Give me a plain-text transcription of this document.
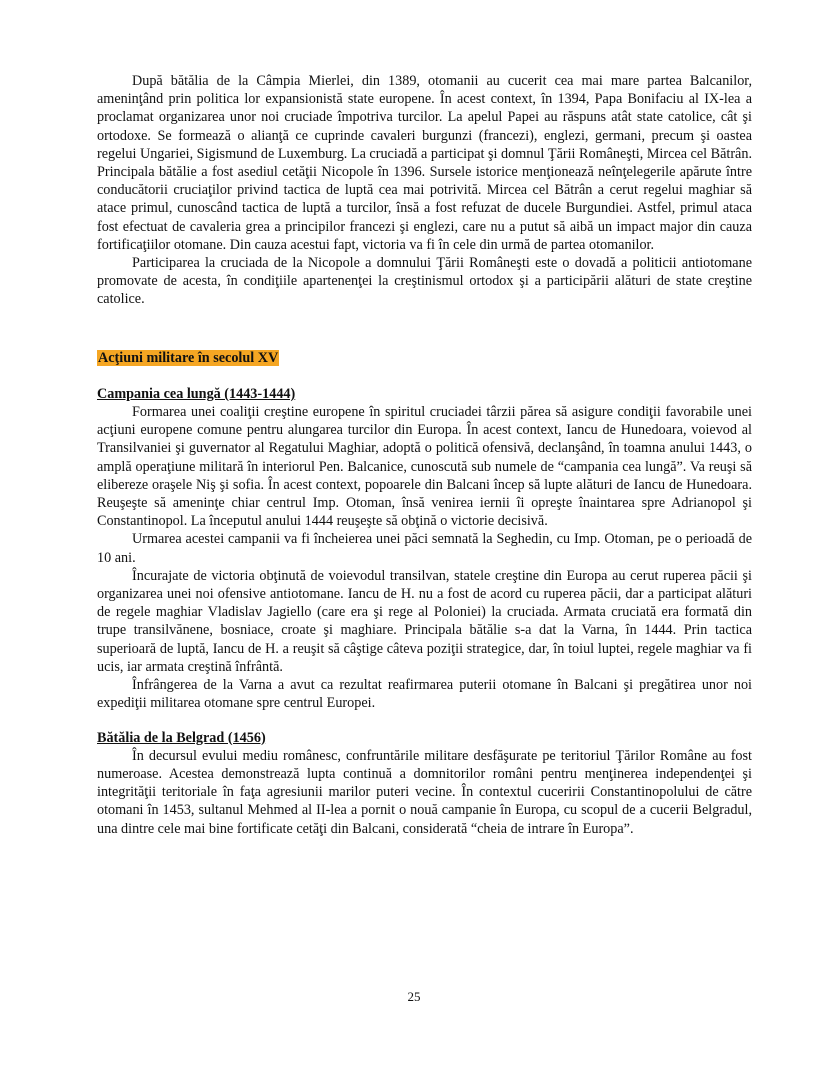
După bătălia de la Câmpia Mierlei, din 1389, otomanii au cucerit cea mai mare partea Balcanilor, ameninţând prin politica lor expansionistă state europene. În acest context, în 1394, Papa Bonifaciu al IX-lea a proclamat organizarea unor noi cruciade împotriva turcilor. La apelul Papei au răspuns atât state catolice, cât şi ortodoxe. Se formează o alianţă ce cuprinde cavaleri burgunzi (francezi), englezi, germani, precum şi oastea regelui Ungariei, Sigismund de Luxemburg. La cruciadă a participat şi domnul Ţării Româneşti, Mircea cel Bătrân. Principala bătălie a fost asediul cetăţii Nicopole în 1396. Sursele istorice menţionează neînţelegerile apărute între conducătorii cruciaţilor privind tactica de luptă cea mai potrivită. Mircea cel Bătrân a cerut regelui maghiar să atace primul, cunoscând tactica de luptă a turcilor, însă a fost refuzat de ducele Burgundiei. Astfel, primul ataca fost efectuat de cavaleria grea a principilor francezi şi englezi, care nu a putut să aibă un impact major din cauza fortificaţiilor otomane. Din cauza acestui fapt, victoria va fi în cele din urmă de partea otomanilor.

Participarea la cruciada de la Nicopole a domnului Ţării Româneşti este o dovadă a politicii antiotomane promovate de acesta, în condiţiile apartenenţei la creştinismul ortodox şi a participării alături de state creştine catolice.

Acţiuni militare în secolul XV
Campania cea lungă (1443-1444)

Formarea unei coaliţii creştine europene în spiritul cruciadei târzii părea să asigure condiţii favorabile unei acţiuni europene comune pentru alungarea turcilor din Europa. În acest context, Iancu de Hunedoara, voievod al Transilvaniei şi guvernator al Regatului Maghiar, adoptă o politică ofensivă, declanşând, în toamna anului 1443, o amplă operaţiune militară în interiorul Pen. Balcanice, cunoscută sub numele de “campania cea lungă”. Va reuşi să elibereze oraşele Niş şi sofia. În acest context, popoarele din Balcani încep să lupte alături de Iancu de Hunedoara. Reuşeşte să ameninţe chiar centrul Imp. Otoman, însă venirea iernii îi opreşte înaintarea spre Adrianopol şi Constantinopol. La începutul anului 1444 reuşeşte să obţină o victorie decisivă.

Urmarea acestei campanii va fi încheierea unei păci semnată la Seghedin, cu Imp. Otoman, pe o perioadă de 10 ani.

Încurajate de victoria obţinută de voievodul transilvan, statele creştine din Europa au cerut ruperea păcii şi organizarea unei noi ofensive antiotomane. Iancu de H. nu a fost de acord cu ruperea păcii, dar a participat alături de regele maghiar Vladislav Jagiello (care era şi rege al Poloniei) la cruciada. Armata cruciată era formată din trupe transilvănene, bosniace, croate şi maghiare. Principala bătălie s-a dat la Varna, în 1444. Prin tactica superioară de luptă, Iancu de H. a reuşit să câştige câteva poziţii strategice, dar, în toiul luptei, regele maghiar va fi ucis, iar armata creştină înfrântă.

Înfrângerea de la Varna a avut ca rezultat reafirmarea puterii otomane în Balcani şi pregătirea unor noi expediţii militarea otomane spre centrul Europei.

Bătălia de la Belgrad (1456)

În decursul evului mediu românesc, confruntările militare desfăşurate pe teritoriul Ţărilor Române au fost numeroase. Acestea demonstrează lupta continuă a domnitorilor români pentru menţinerea independenţei şi integrităţii teritoriale în faţa agresiunii marilor puteri vecine. În contextul cuceririi Constantinopolului de către otomani în 1453, sultanul Mehmed al II-lea a pornit o nouă campanie în Europa, cu scopul de a cucerii Belgradul, una dintre cele mai bine fortificate cetăţi din Balcani, considerată “cheia de intrare în Europa”.

25
